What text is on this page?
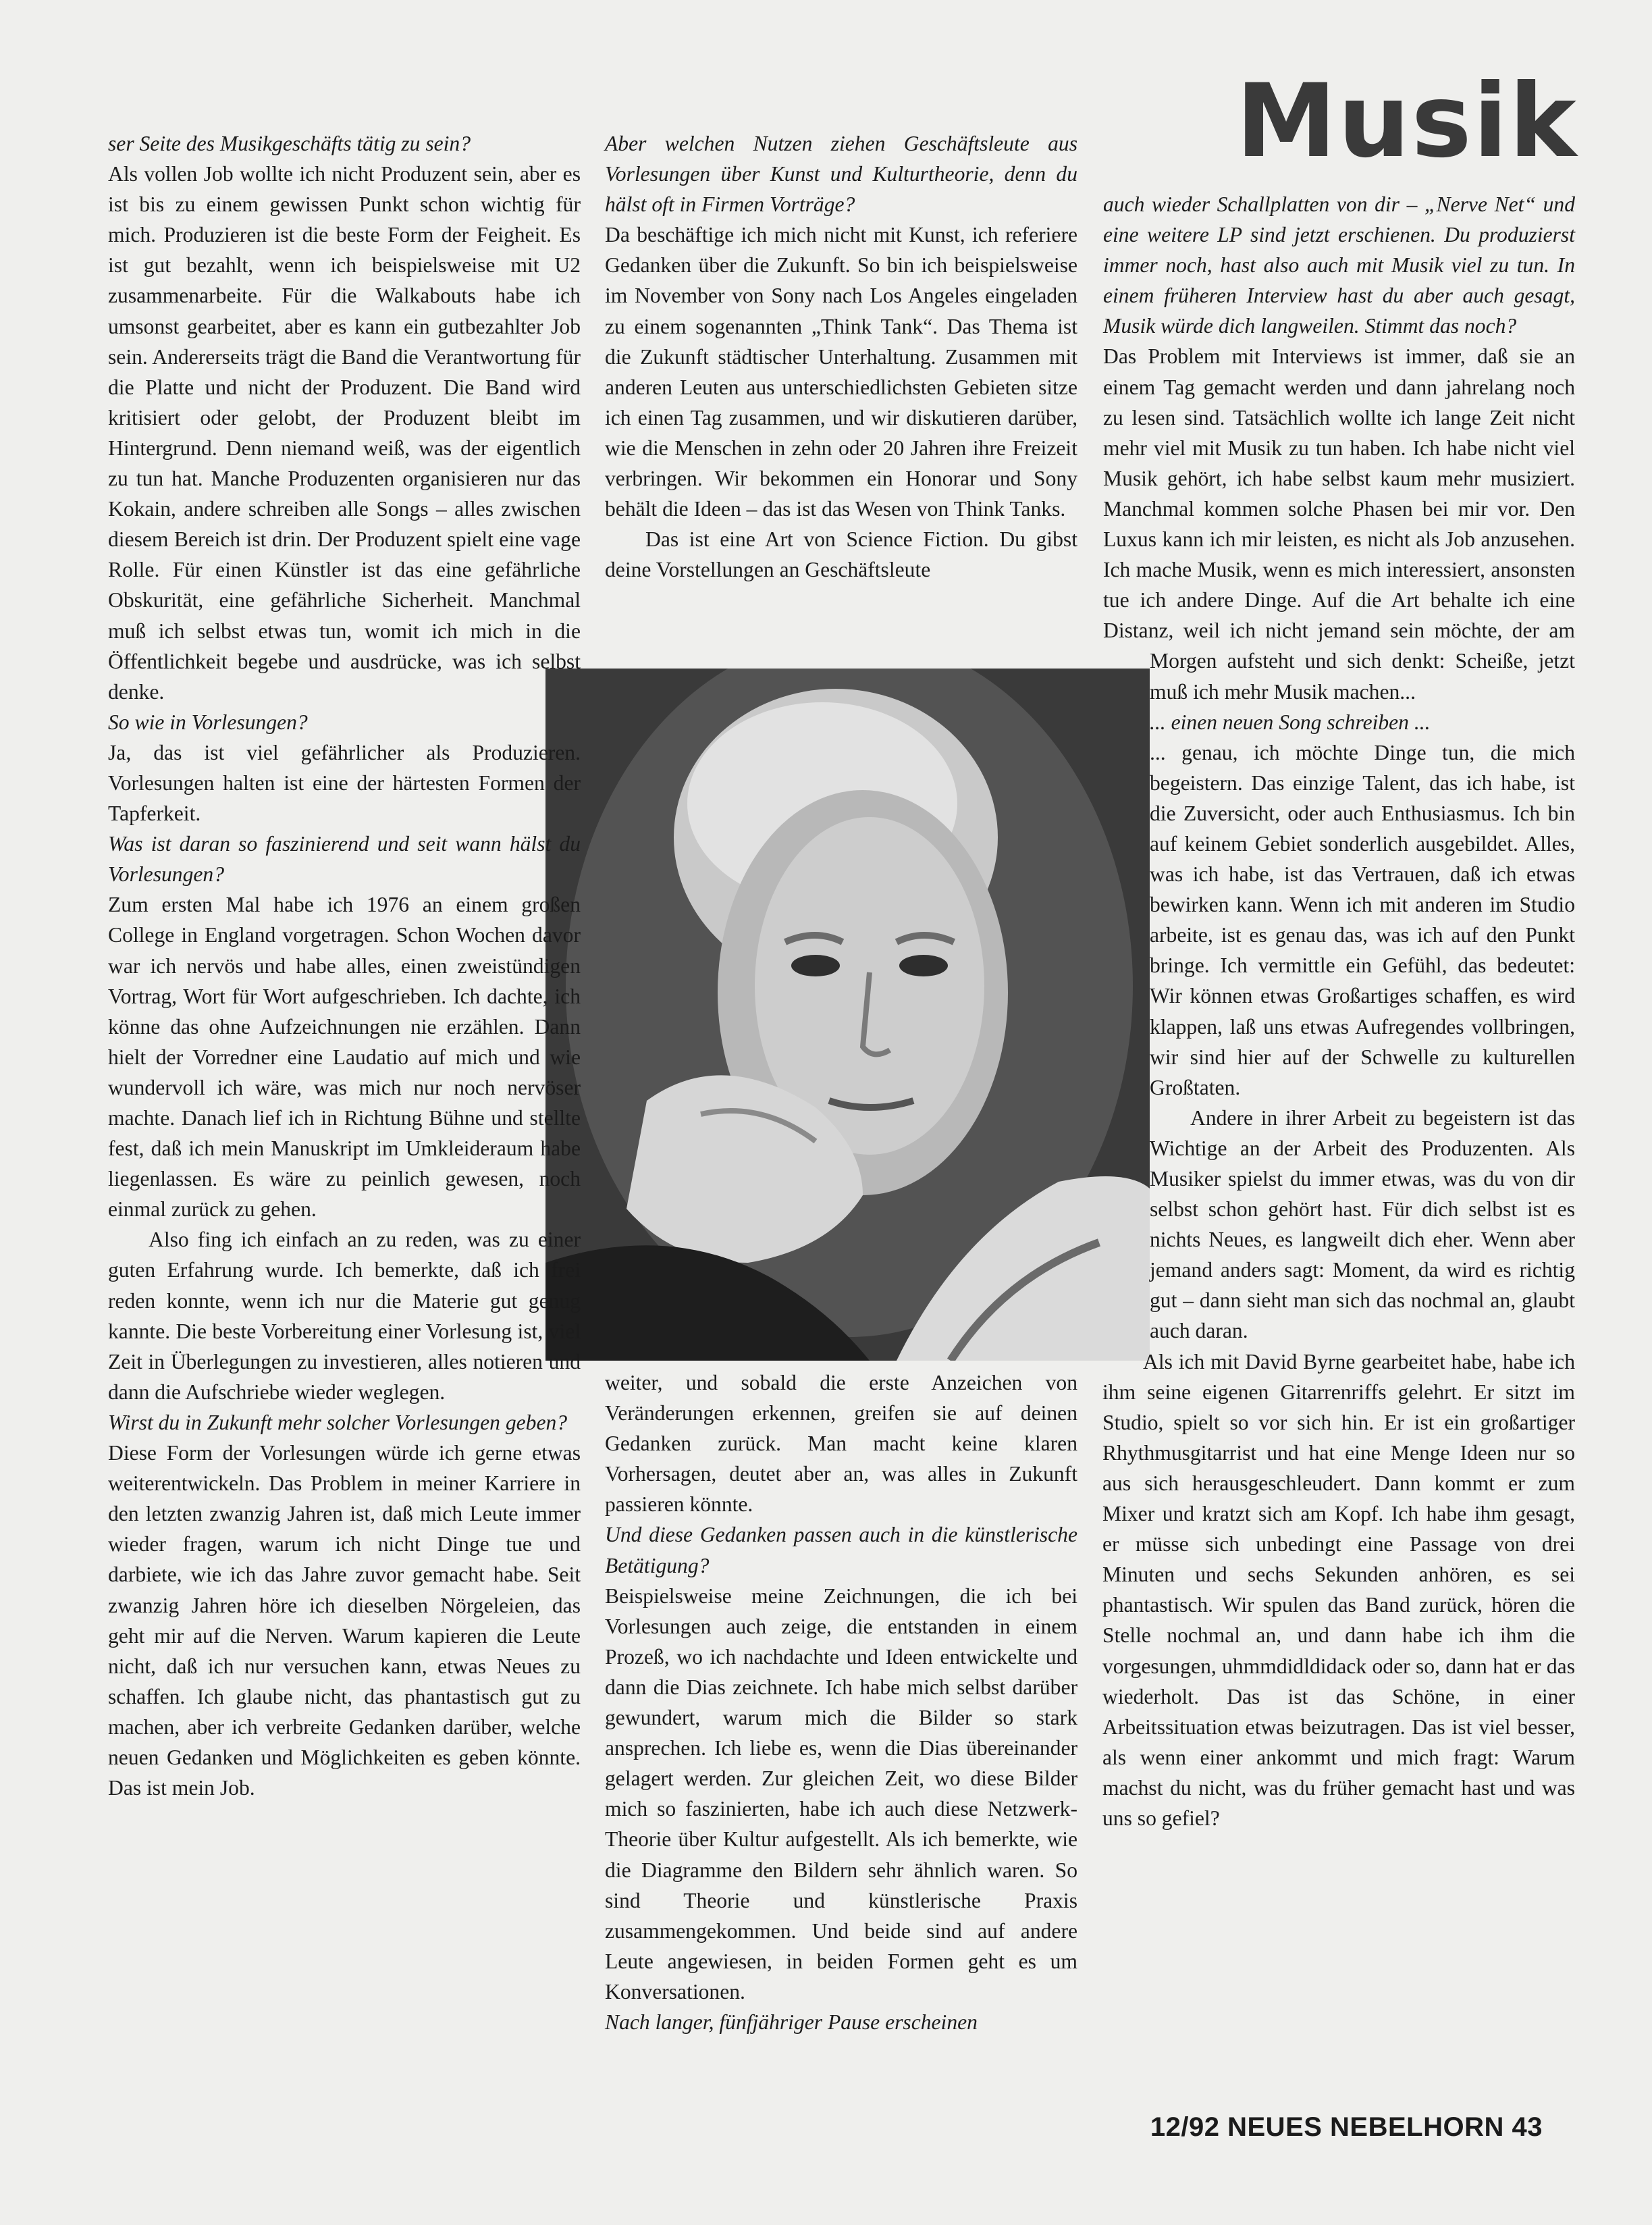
Musik

ser Seite des Musikgeschäfts tätig zu sein?

Als vollen Job wollte ich nicht Produzent sein, aber es ist bis zu einem gewissen Punkt schon wichtig für mich. Produzieren ist die beste Form der Feigheit. Es ist gut bezahlt, wenn ich beispielsweise mit U2 zusammenarbeite. Für die Walkabouts habe ich umsonst gearbeitet, aber es kann ein gutbezahlter Job sein. Andererseits trägt die Band die Verantwortung für die Platte und nicht der Produzent. Die Band wird kritisiert oder gelobt, der Produzent bleibt im Hintergrund. Denn niemand weiß, was der eigentlich zu tun hat. Manche Produzenten organisieren nur das Kokain, andere schreiben alle Songs – alles zwischen diesem Bereich ist drin. Der Produzent spielt eine vage Rolle. Für einen Künstler ist das eine gefährliche Obskurität, eine gefährliche Sicherheit. Manchmal muß ich selbst etwas tun, womit ich mich in die Öffentlichkeit begebe und ausdrücke, was ich selbst denke.

So wie in Vorlesungen?

Ja, das ist viel gefährlicher als Produzieren. Vorlesungen halten ist eine der härtesten Formen der Tapferkeit.

Was ist daran so faszinierend und seit wann hälst du Vorlesungen?

Zum ersten Mal habe ich 1976 an einem großen College in England vorgetragen. Schon Wochen davor war ich nervös und habe alles, einen zweistündigen Vortrag, Wort für Wort aufgeschrieben. Ich dachte, ich könne das ohne Aufzeichnungen nie erzählen. Dann hielt der Vorredner eine Laudatio auf mich und wie wundervoll ich wäre, was mich nur noch nervöser machte. Danach lief ich in Richtung Bühne und stellte fest, daß ich mein Manuskript im Umkleideraum habe liegenlassen. Es wäre zu peinlich gewesen, noch einmal zurück zu gehen.

Also fing ich einfach an zu reden, was zu einer guten Erfahrung wurde. Ich bemerkte, daß ich frei reden konnte, wenn ich nur die Materie gut genug kannte. Die beste Vorbereitung einer Vorlesung ist, viel Zeit in Überlegungen zu investieren, alles notieren und dann die Aufschriebe wieder weglegen.

Wirst du in Zukunft mehr solcher Vorlesungen geben?

Diese Form der Vorlesungen würde ich gerne etwas weiterentwickeln. Das Problem in meiner Karriere in den letzten zwanzig Jahren ist, daß mich Leute immer wieder fragen, warum ich nicht Dinge tue und darbiete, wie ich das Jahre zuvor gemacht habe. Seit zwanzig Jahren höre ich dieselben Nörgeleien, das geht mir auf die Nerven. Warum kapieren die Leute nicht, daß ich nur versuchen kann, etwas Neues zu schaffen. Ich glaube nicht, das phantastisch gut zu machen, aber ich verbreite Gedanken darüber, welche neuen Gedanken und Möglichkeiten es geben könnte. Das ist mein Job.

Aber welchen Nutzen ziehen Geschäftsleute aus Vorlesungen über Kunst und Kulturtheorie, denn du hälst oft in Firmen Vorträge?

Da beschäftige ich mich nicht mit Kunst, ich referiere Gedanken über die Zukunft. So bin ich beispielsweise im November von Sony nach Los Angeles eingeladen zu einem sogenannten „Think Tank“. Das Thema ist die Zukunft städtischer Unterhaltung. Zusammen mit anderen Leuten aus unterschiedlichsten Gebieten sitze ich einen Tag zusammen, und wir diskutieren darüber, wie die Menschen in zehn oder 20 Jahren ihre Freizeit verbringen. Wir bekommen ein Honorar und Sony behält die Ideen – das ist das Wesen von Think Tanks.

Das ist eine Art von Science Fiction. Du gibst deine Vorstellungen an Geschäftsleute

weiter, und sobald die erste Anzeichen von Veränderungen erkennen, greifen sie auf deinen Gedanken zurück. Man macht keine klaren Vorhersagen, deutet aber an, was alles in Zukunft passieren könnte.

Und diese Gedanken passen auch in die künstlerische Betätigung?

Beispielsweise meine Zeichnungen, die ich bei Vorlesungen auch zeige, die entstanden in einem Prozeß, wo ich nachdachte und Ideen entwickelte und dann die Dias zeichnete. Ich habe mich selbst darüber gewundert, warum mich die Bilder so stark ansprechen. Ich liebe es, wenn die Dias übereinander gelagert werden. Zur gleichen Zeit, wo diese Bilder mich so faszinierten, habe ich auch diese Netzwerk-Theorie über Kultur aufgestellt. Als ich bemerkte, wie die Diagramme den Bildern sehr ähnlich waren. So sind Theorie und künstlerische Praxis zusammengekommen. Und beide sind auf andere Leute angewiesen, in beiden Formen geht es um Konversationen.

Nach langer, fünfjähriger Pause erscheinen

auch wieder Schallplatten von dir – „Nerve Net“ und eine weitere LP sind jetzt erschienen. Du produzierst immer noch, hast also auch mit Musik viel zu tun. In einem früheren Interview hast du aber auch gesagt, Musik würde dich langweilen. Stimmt das noch?

Das Problem mit Interviews ist immer, daß sie an einem Tag gemacht werden und dann jahrelang noch zu lesen sind. Tatsächlich wollte ich lange Zeit nicht mehr viel mit Musik zu tun haben. Ich habe nicht viel Musik gehört, ich habe selbst kaum mehr musiziert. Manchmal kommen solche Phasen bei mir vor. Den Luxus kann ich mir leisten, es nicht als Job anzusehen. Ich mache Musik, wenn es mich interessiert, ansonsten tue ich andere Dinge. Auf die Art behalte ich eine Distanz, weil ich nicht jemand sein möchte, der am Morgen aufsteht und sich denkt: Scheiße, jetzt muß ich mehr Musik machen...

... einen neuen Song schreiben ...

... genau, ich möchte Dinge tun, die mich begeistern. Das einzige Talent, das ich habe, ist die Zuversicht, oder auch Enthusiasmus. Ich bin auf keinem Gebiet sonderlich ausgebildet. Alles, was ich habe, ist das Vertrauen, daß ich etwas bewirken kann. Wenn ich mit anderen im Studio arbeite, ist es genau das, was ich auf den Punkt bringe. Ich vermittle ein Gefühl, das bedeutet: Wir können etwas Großartiges schaffen, es wird klappen, laß uns etwas Aufregendes vollbringen, wir sind hier auf der Schwelle zu kulturellen Großtaten.

Andere in ihrer Arbeit zu begeistern ist das Wichtige an der Arbeit des Produzenten. Als Musiker spielst du immer etwas, was du von dir selbst schon gehört hast. Für dich selbst ist es nichts Neues, es langweilt dich eher. Wenn aber jemand anders sagt: Moment, da wird es richtig gut – dann sieht man sich das nochmal an, glaubt auch daran.

Als ich mit David Byrne gearbeitet habe, habe ich ihm seine eigenen Gitarrenriffs gelehrt. Er sitzt im Studio, spielt so vor sich hin. Er ist ein großartiger Rhythmusgitarrist und hat eine Menge Ideen nur so aus sich herausgeschleudert. Dann kommt er zum Mixer und kratzt sich am Kopf. Ich habe ihm gesagt, er müsse sich unbedingt eine Passage von drei Minuten und sechs Sekunden anhören, es sei phantastisch. Wir spulen das Band zurück, hören die Stelle nochmal an, und dann habe ich ihm die vorgesungen, uhmmdidldidack oder so, dann hat er das wiederholt. Das ist das Schöne, in einer Arbeitssituation etwas beizutragen. Das ist viel besser, als wenn einer ankommt und mich fragt: Warum machst du nicht, was du früher gemacht hast und was uns so gefiel?

12/92 NEUES NEBELHORN 43
